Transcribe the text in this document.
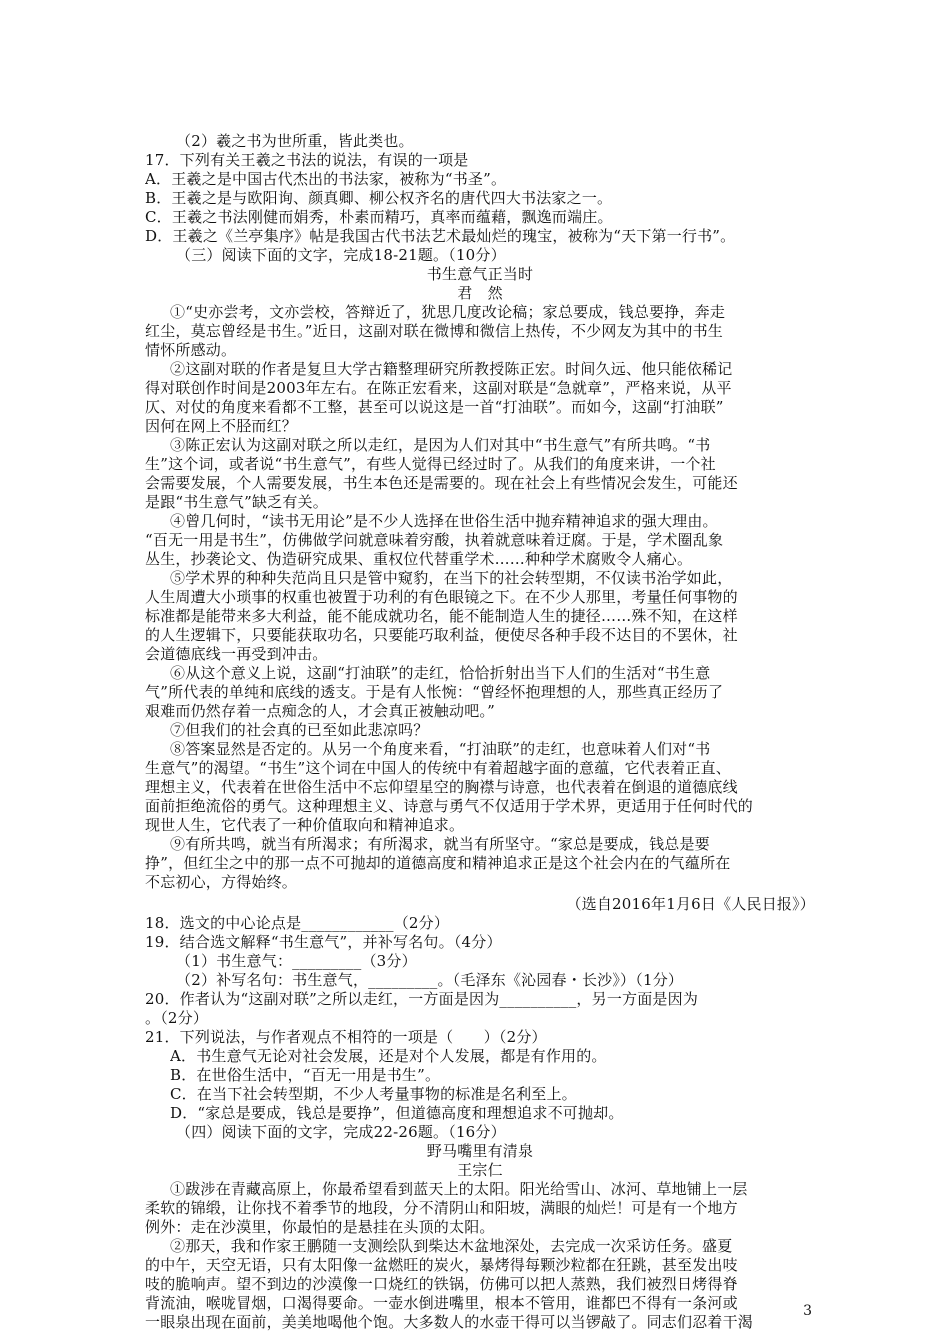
（2）羲之书为世所重，皆此类也。
17．下列有关王羲之书法的说法，有误的一项是
A．王羲之是中国古代杰出的书法家，被称为“书圣”。
B．王羲之是与欧阳询、颜真卿、柳公权齐名的唐代四大书法家之一。
C．王羲之书法刚健而娟秀，朴素而精巧，真率而蕴藉，飘逸而端庄。
D．王羲之《兰亭集序》帖是我国古代书法艺术最灿烂的瑰宝，被称为“天下第一行书”。
（三）阅读下面的文字，完成18-21题。（10分）
书生意气正当时
君　然
①“史亦尝考，文亦尝校，答辩近了，犹思几度改论稿；家总要成，钱总要挣，奔走
红尘，莫忘曾经是书生。”近日，这副对联在微博和微信上热传，不少网友为其中的书生
情怀所感动。
②这副对联的作者是复旦大学古籍整理研究所教授陈正宏。时间久远、他只能依稀记
得对联创作时间是2003年左右。在陈正宏看来，这副对联是“急就章”，严格来说，从平
仄、对仗的角度来看都不工整，甚至可以说这是一首“打油联”。而如今，这副“打油联”
因何在网上不胫而红？
③陈正宏认为这副对联之所以走红，是因为人们对其中“书生意气”有所共鸣。“书
生”这个词，或者说“书生意气”，有些人觉得已经过时了。从我们的角度来讲，一个社
会需要发展，个人需要发展，书生本色还是需要的。现在社会上有些情况会发生，可能还
是跟“书生意气”缺乏有关。
④曾几何时，“读书无用论”是不少人选择在世俗生活中抛弃精神追求的强大理由。
“百无一用是书生”，仿佛做学问就意味着穷酸，执着就意味着迂腐。于是，学术圈乱象
丛生，抄袭论文、伪造研究成果、重权位代替重学术……种种学术腐败令人痛心。
⑤学术界的种种失范尚且只是管中窥豹，在当下的社会转型期，不仅读书治学如此，
人生周遭大小琐事的权重也被置于功利的有色眼镜之下。在不少人那里，考量任何事物的
标准都是能带来多大利益，能不能成就功名，能不能制造人生的捷径……殊不知，在这样
的人生逻辑下，只要能获取功名，只要能巧取利益，便使尽各种手段不达目的不罢休，社
会道德底线一再受到冲击。
⑥从这个意义上说，这副“打油联”的走红，恰恰折射出当下人们的生活对“书生意
气”所代表的单纯和底线的透支。于是有人怅惋：“曾经怀抱理想的人，那些真正经历了
艰难而仍然存着一点痴念的人，才会真正被触动吧。”
⑦但我们的社会真的已至如此悲凉吗？
⑧答案显然是否定的。从另一个角度来看，“打油联”的走红，也意味着人们对“书
生意气”的渴望。“书生”这个词在中国人的传统中有着超越字面的意蕴，它代表着正直、
理想主义，代表着在世俗生活中不忘仰望星空的胸襟与诗意，也代表着在倒退的道德底线
面前拒绝流俗的勇气。这种理想主义、诗意与勇气不仅适用于学术界，更适用于任何时代的
现世人生，它代表了一种价值取向和精神追求。
⑨有所共鸣，就当有所渴求；有所渴求，就当有所坚守。“家总是要成，钱总是要
挣”，但红尘之中的那一点不可抛却的道德高度和精神追求正是这个社会内在的气蕴所在
不忘初心，方得始终。
（选自2016年1月6日《人民日报》）
18．选文的中心论点是____________（2分）
19．结合选文解释“书生意气”，并补写名句。（4分）
（1）书生意气：_________（3分）
（2）补写名句：书生意气，_________。（毛泽东《沁园春・长沙》）（1分）
20．作者认为“这副对联”之所以走红，一方面是因为__________，另一方面是因为
。（2分）
21．下列说法，与作者观点不相符的一项是（　　）（2分）
A．书生意气无论对社会发展，还是对个人发展，都是有作用的。
B．在世俗生活中，“百无一用是书生”。
C．在当下社会转型期，不少人考量事物的标准是名利至上。
D．“家总是要成，钱总是要挣”，但道德高度和理想追求不可抛却。
（四）阅读下面的文字，完成22-26题。（16分）
野马嘴里有清泉
王宗仁
①跋涉在青藏高原上，你最希望看到蓝天上的太阳。阳光给雪山、冰河、草地铺上一层
柔软的锦缎，让你找不着季节的地段，分不清阴山和阳坡，满眼的灿烂！可是有一个地方
例外：走在沙漠里，你最怕的是悬挂在头顶的太阳。
②那天，我和作家王鹏随一支测绘队到柴达木盆地深处，去完成一次采访任务。盛夏
的中午，天空无语，只有太阳像一盆燃旺的炭火，暴烤得每颗沙粒都在狂跳，甚至发出吱
吱的脆响声。望不到边的沙漠像一口烧红的铁锅，仿佛可以把人蒸熟，我们被烈日烤得脊
背流油，喉咙冒烟，口渴得要命。一壶水倒进嘴里，根本不管用，谁都巴不得有一条河或
一眼泉出现在面前，美美地喝他个饱。大多数人的水壶干得可以当锣敲了。同志们忍着干渴
3
